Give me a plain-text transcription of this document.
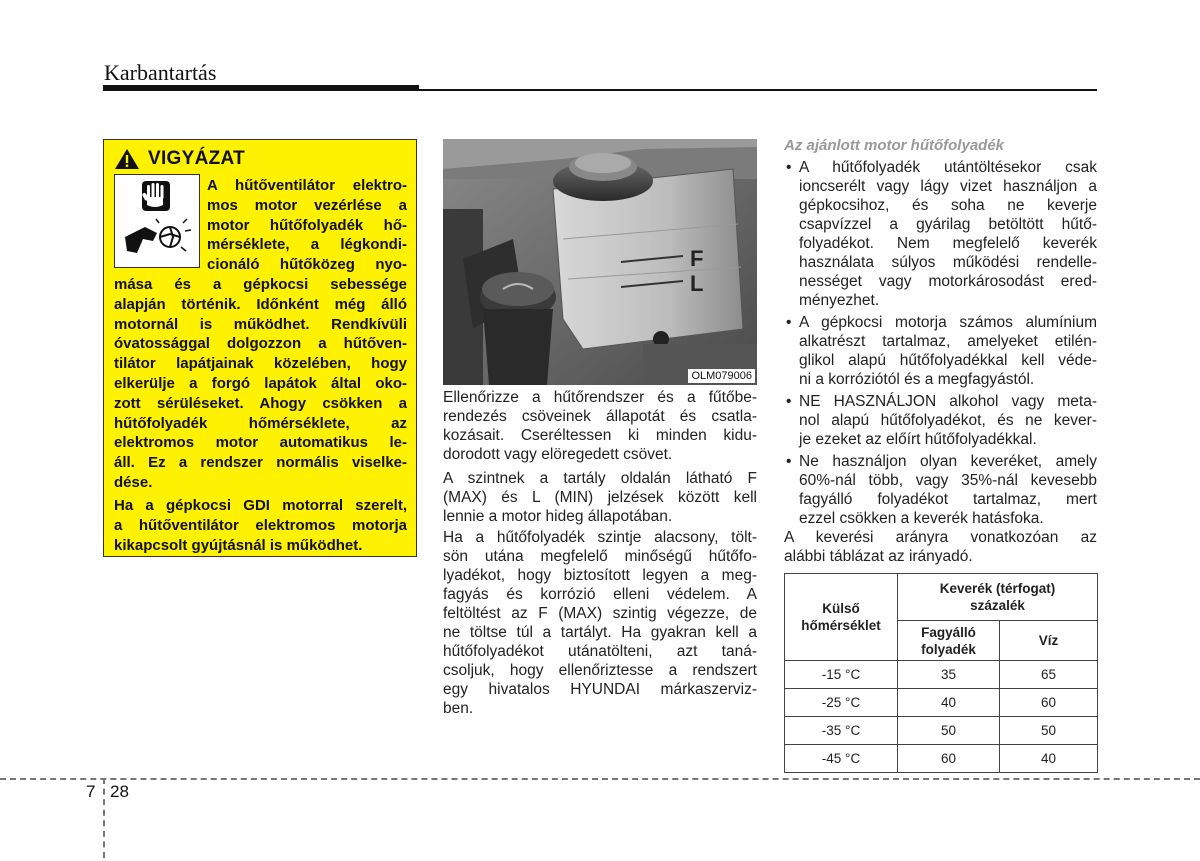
Karbantartás
VIGYÁZAT
A hűtőventilátor elektro-
mos motor vezérlése a
motor hűtőfolyadék hő-
mérséklete, a légkondi-
cionáló hűtőközeg nyo-
mása és a gépkocsi sebessége
alapján történik. Időnként még álló
motornál is működhet. Rendkívüli
óvatossággal dolgozzon a hűtőven-
tilátor lapátjainak közelében, hogy
elkerülje a forgó lapátok által oko-
zott sérüléseket. Ahogy csökken a
hűtőfolyadék hőmérséklete, az
elektromos motor automatikus le-
áll. Ez a rendszer normális viselke-
dése.
Ha a gépkocsi GDI motorral szerelt,
a hűtőventilátor elektromos motorja
kikapcsolt gyújtásnál is működhet.
F
L
OLM079006
Ellenőrizze a hűtőrendszer és a fűtőbe-
rendezés csöveinek állapotát és csatla-
kozásait. Cseréltessen ki minden kidu-
dorodott vagy elöregedett csövet.
A szintnek a tartály oldalán látható F
(MAX) és L (MIN) jelzések között kell
lennie a motor hideg állapotában.
Ha a hűtőfolyadék szintje alacsony, tölt-
sön utána megfelelő minőségű hűtőfo-
lyadékot, hogy biztosított legyen a meg-
fagyás és korrózió elleni védelem. A
feltöltést az F (MAX) szintig végezze, de
ne töltse túl a tartályt. Ha gyakran kell a
hűtőfolyadékot utánatölteni, azt taná-
csoljuk, hogy ellenőriztesse a rendszert
egy hivatalos HYUNDAI márkaszerviz-
ben.
Az ajánlott motor hűtőfolyadék
• A hűtőfolyadék utántöltésekor csak
ioncserélt vagy lágy vizet használjon a
gépkocsihoz, és soha ne keverje
csapvízzel a gyárilag betöltött hűtő-
folyadékot. Nem megfelelő keverék
használata súlyos működési rendelle-
nességet vagy motorkárosodást ered-
ményezhet.
• A gépkocsi motorja számos alumínium
alkatrészt tartalmaz, amelyeket etilén-
glikol alapú hűtőfolyadékkal kell véde-
ni a korróziótól és a megfagyástól.
• NE HASZNÁLJON alkohol vagy meta-
nol alapú hűtőfolyadékot, és ne kever-
je ezeket az előírt hűtőfolyadékkal.
• Ne használjon olyan keveréket, amely
60%-nál több, vagy 35%-nál kevesebb
fagyálló folyadékot tartalmaz, mert
ezzel csökken a keverék hatásfoka.
A keverési arányra vonatkozóan az
alábbi táblázat az irányadó.
Külső
hőmérséklet	Keverék (térfogat)
százalék	

	Fagyálló
folyadék	Víz
-15 °C	35	65
-25 °C	40	60
-35 °C	50	50
-45 °C	60	40
7 28
